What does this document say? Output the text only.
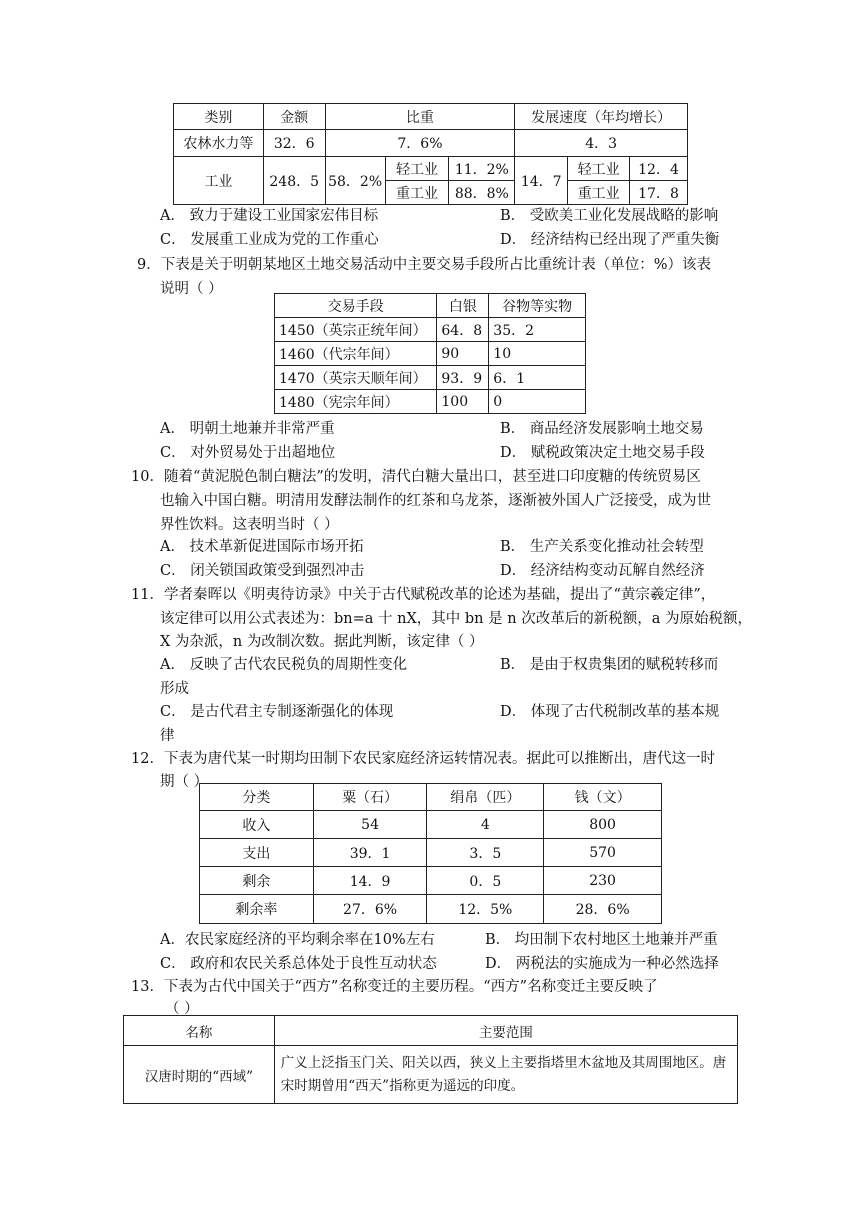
类别	金额	比重			发展速度（年均增长）		
农林水力等	32．6	7．6%			4．3		
工业	248．5	58．2%	轻工业	11．2%	14．7	轻工业	12．4
			重工业	88．8%		重工业	17．8
A． 致力于建设工业国家宏伟目标	B． 受欧美工业化发展战略的影响
C． 发展重工业成为党的工作重心	D． 经济结构已经出现了严重失衡
9．下表是关于明朝某地区土地交易活动中主要交易手段所占比重统计表（单位：%）该表
说明（ ）
交易手段	白银	谷物等实物
1450（英宗正统年间）	64．8	35．2
1460（代宗年间）	90	10
1470（英宗天顺年间）	93．9	6．1
1480（宪宗年间）	100	0
A． 明朝土地兼并非常严重	B． 商品经济发展影响土地交易
C． 对外贸易处于出超地位	D． 赋税政策决定土地交易手段
10．随着“黄泥脱色制白糖法”的发明，清代白糖大量出口，甚至进口印度糖的传统贸易区
也输入中国白糖。明清用发酵法制作的红茶和乌龙茶，逐渐被外国人广泛接受，成为世
界性饮料。这表明当时（ ）
A． 技术革新促进国际市场开拓	B． 生产关系变化推动社会转型
C． 闭关锁国政策受到强烈冲击	D． 经济结构变动瓦解自然经济
11．学者秦晖以《明夷待访录》中关于古代赋税改革的论述为基础，提出了“黄宗羲定律”，
该定律可以用公式表述为：bn=a 十 nX，其中 bn 是 n 次改革后的新税额，a 为原始税额，
X 为杂派，n 为改制次数。据此判断，该定律（ ）
A． 反映了古代农民税负的周期性变化	B． 是由于权贵集团的赋税转移而
形成
C． 是古代君主专制逐渐强化的体现	D． 体现了古代税制改革的基本规
律
12．下表为唐代某一时期均田制下农民家庭经济运转情况表。据此可以推断出，唐代这一时
期（ ）
分类	粟（石）	绢帛（匹）	钱（文）
收入	54	4	800
支出	39．1	3．5	570
剩余	14．9	0．5	230
剩余率	27．6%	12．5%	28．6%
A．农民家庭经济的平均剩余率在10%左右	B． 均田制下农村地区土地兼并严重
C． 政府和农民关系总体处于良性互动状态	D． 两税法的实施成为一种必然选择
13．下表为古代中国关于“西方”名称变迁的主要历程。“西方”名称变迁主要反映了
（ ）
名称	主要范围
汉唐时期的“西域”	广义上泛指玉门关、阳关以西，狭义上主要指塔里木盆地及其周围地区。唐宋时期曾用“西天”指称更为遥远的印度。
